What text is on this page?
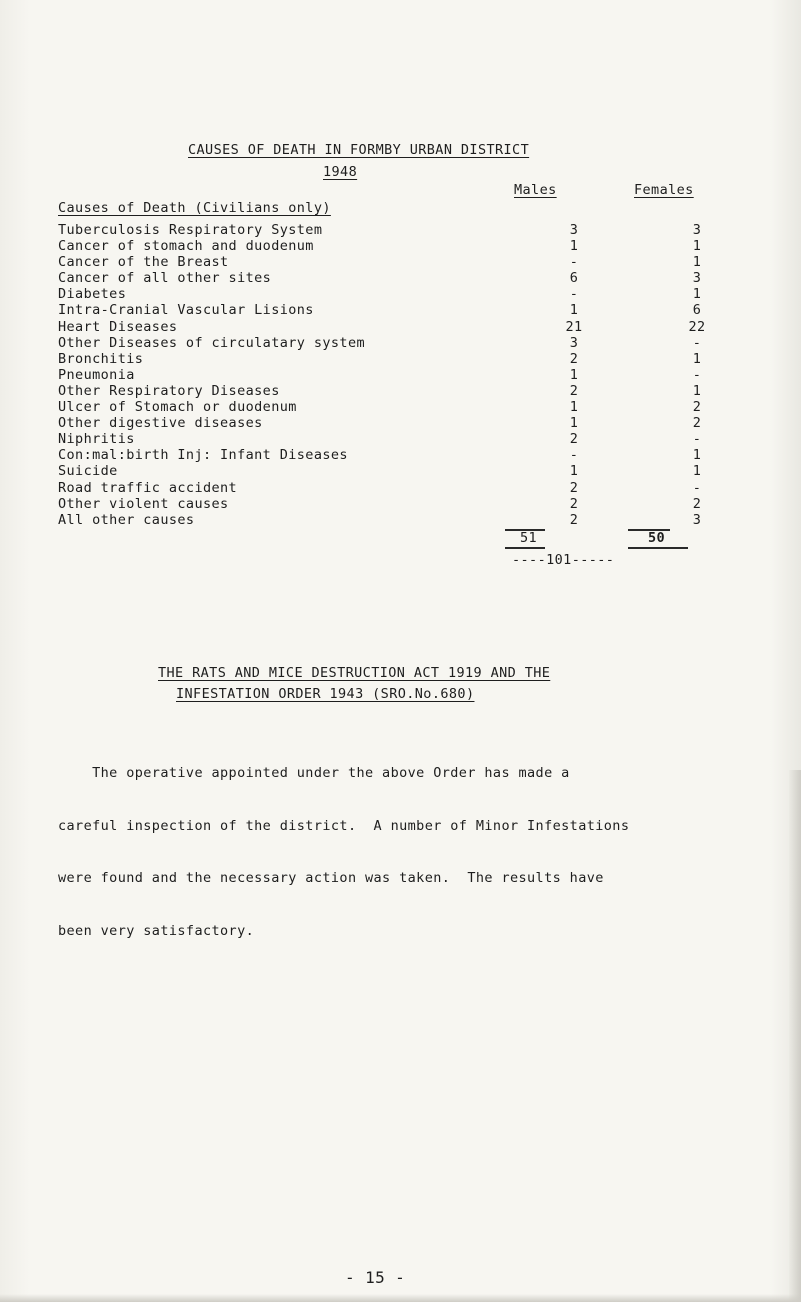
CAUSES OF DEATH IN FORMBY URBAN DISTRICT
1948
Causes of Death (Civilians only)
Males	Females
Tuberculosis Respiratory System	3	3
Cancer of stomach and duodenum	1	1
Cancer of the Breast	-	1
Cancer of all other sites	6	3
Diabetes	-	1
Intra-Cranial Vascular Lisions	1	6
Heart Diseases	21	22
Other Diseases of circulatary system	3	-
Bronchitis	2	1
Pneumonia	1	-
Other Respiratory Diseases	2	1
Ulcer of Stomach or duodenum	1	2
Other digestive diseases	1	2
Niphritis	2	-
Con:mal:birth Inj: Infant Diseases	-	1
Suicide	1	1
Road traffic accident	2	-
Other violent causes	2	2
All other causes	2	3
51	50
----101-----
THE RATS AND MICE DESTRUCTION ACT 1919 AND THE
INFESTATION ORDER 1943 (SRO.No.680)

The operative appointed under the above Order has made a

careful inspection of the district.  A number of Minor Infestations

were found and the necessary action was taken.  The results have

been very satisfactory.

- 15 -
